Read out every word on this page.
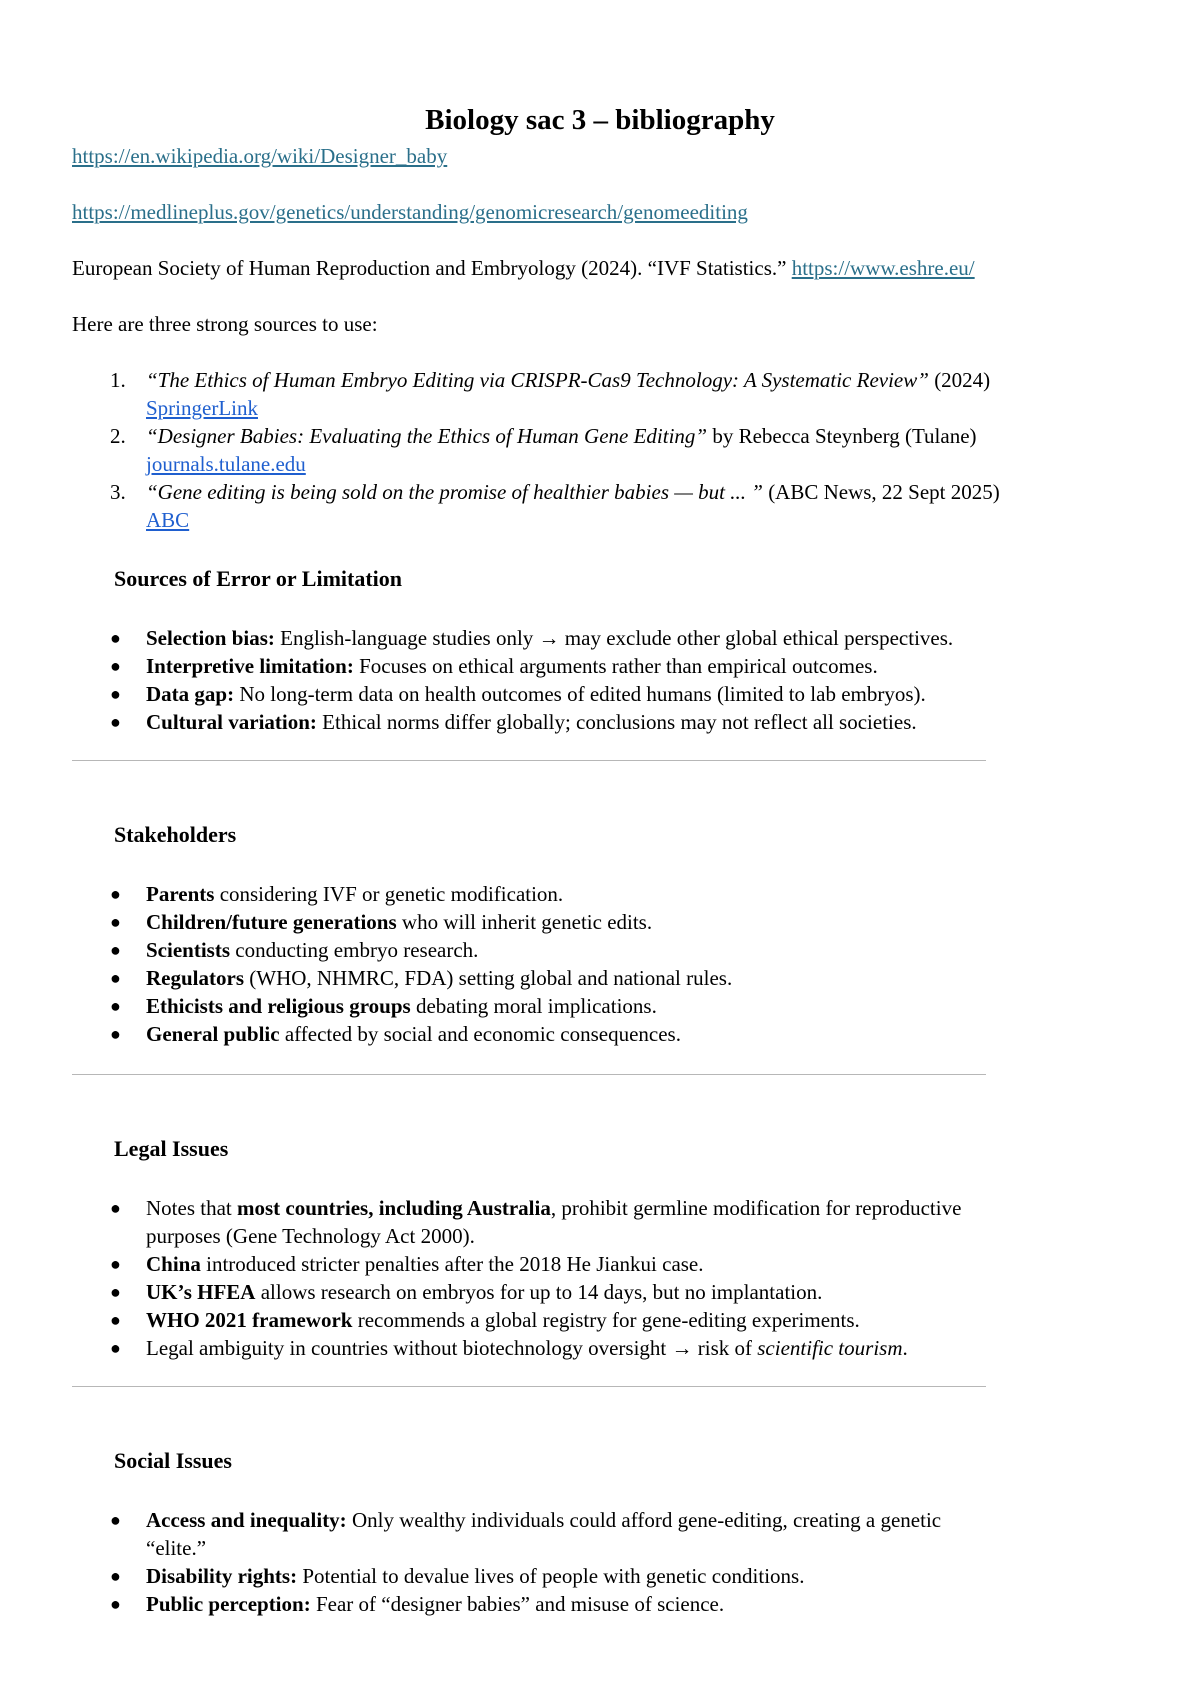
Biology sac 3 – bibliography
https://en.wikipedia.org/wiki/Designer_baby
https://medlineplus.gov/genetics/understanding/genomicresearch/genomeediting
European Society of Human Reproduction and Embryology (2024). “IVF Statistics.” https://www.eshre.eu/
Here are three strong sources to use:
1. “The Ethics of Human Embryo Editing via CRISPR-Cas9 Technology: A Systematic Review” (2024)
SpringerLink
2. “Designer Babies: Evaluating the Ethics of Human Gene Editing” by Rebecca Steynberg (Tulane)
journals.tulane.edu
3. “Gene editing is being sold on the promise of healthier babies — but ... ” (ABC News, 22 Sept 2025)
ABC
Sources of Error or Limitation
● Selection bias: English-language studies only → may exclude other global ethical perspectives.
● Interpretive limitation: Focuses on ethical arguments rather than empirical outcomes.
● Data gap: No long-term data on health outcomes of edited humans (limited to lab embryos).
● Cultural variation: Ethical norms differ globally; conclusions may not reflect all societies.
Stakeholders
● Parents considering IVF or genetic modification.
● Children/future generations who will inherit genetic edits.
● Scientists conducting embryo research.
● Regulators (WHO, NHMRC, FDA) setting global and national rules.
● Ethicists and religious groups debating moral implications.
● General public affected by social and economic consequences.
Legal Issues
● Notes that most countries, including Australia, prohibit germline modification for reproductive
purposes (Gene Technology Act 2000).
● China introduced stricter penalties after the 2018 He Jiankui case.
● UK’s HFEA allows research on embryos for up to 14 days, but no implantation.
● WHO 2021 framework recommends a global registry for gene-editing experiments.
● Legal ambiguity in countries without biotechnology oversight → risk of scientific tourism.
Social Issues
● Access and inequality: Only wealthy individuals could afford gene-editing, creating a genetic
“elite.”
● Disability rights: Potential to devalue lives of people with genetic conditions.
● Public perception: Fear of “designer babies” and misuse of science.
